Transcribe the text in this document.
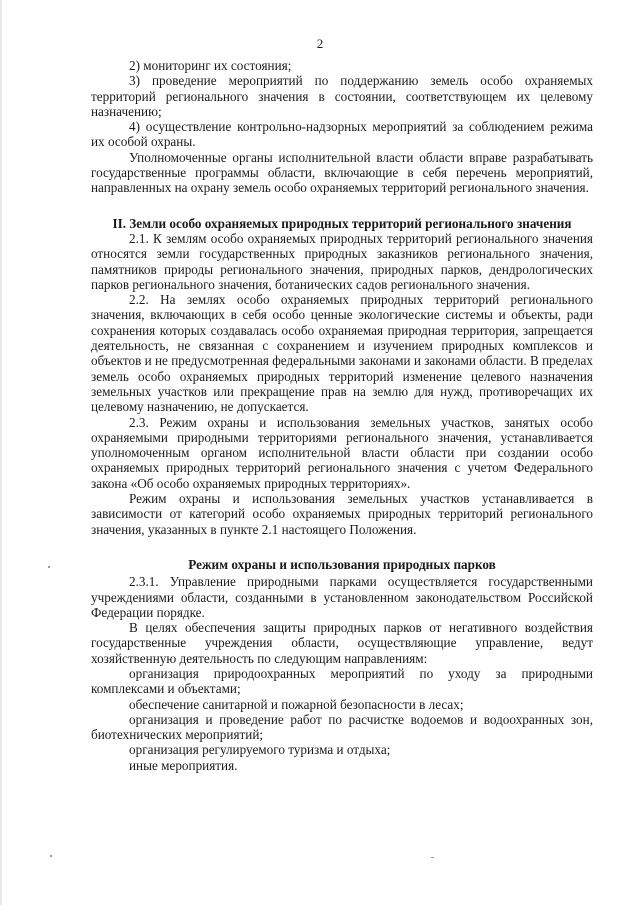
2

2) мониторинг их состояния;

3) проведение мероприятий по поддержанию земель особо охраняемых территорий регионального значения в состоянии, соответствующем их целевому назначению;

4) осуществление контрольно-надзорных мероприятий за соблюдением режима их особой охраны.

Уполномоченные органы исполнительной власти области вправе разрабатывать государственные программы области, включающие в себя перечень мероприятий, направленных на охрану земель особо охраняемых территорий регионального значения.

II. Земли особо охраняемых природных территорий регионального значения

2.1. К землям особо охраняемых природных территорий регионального значения относятся земли государственных природных заказников регионального значения, памятников природы регионального значения, природных парков, дендрологических парков регионального значения, ботанических садов регионального значения.

2.2. На землях особо охраняемых природных территорий регионального значения, включающих в себя особо ценные экологические системы и объекты, ради сохранения которых создавалась особо охраняемая природная территория, запрещается деятельность, не связанная с сохранением и изучением природных комплексов и объектов и не предусмотренная федеральными законами и законами области. В пределах земель особо охраняемых природных территорий изменение целевого назначения земельных участков или прекращение прав на землю для нужд, противоречащих их целевому назначению, не допускается.

2.3. Режим охраны и использования земельных участков, занятых особо охраняемыми природными территориями регионального значения, устанавливается уполномоченным органом исполнительной власти области при создании особо охраняемых природных территорий регионального значения с учетом Федерального закона «Об особо охраняемых природных территориях».

Режим охраны и использования земельных участков устанавливается в зависимости от категорий особо охраняемых природных территорий регионального значения, указанных в пункте 2.1 настоящего Положения.

Режим охраны и использования природных парков

2.3.1. Управление природными парками осуществляется государственными учреждениями области, созданными в установленном законодательством Российской Федерации порядке.

В целях обеспечения защиты природных парков от негативного воздействия государственные учреждения области, осуществляющие управление, ведут хозяйственную деятельность по следующим направлениям:

организация природоохранных мероприятий по уходу за природными комплексами и объектами;

обеспечение санитарной и пожарной безопасности в лесах;

организация и проведение работ по расчистке водоемов и водоохранных зон, биотехнических мероприятий;

организация регулируемого туризма и отдыха;

иные мероприятия.
